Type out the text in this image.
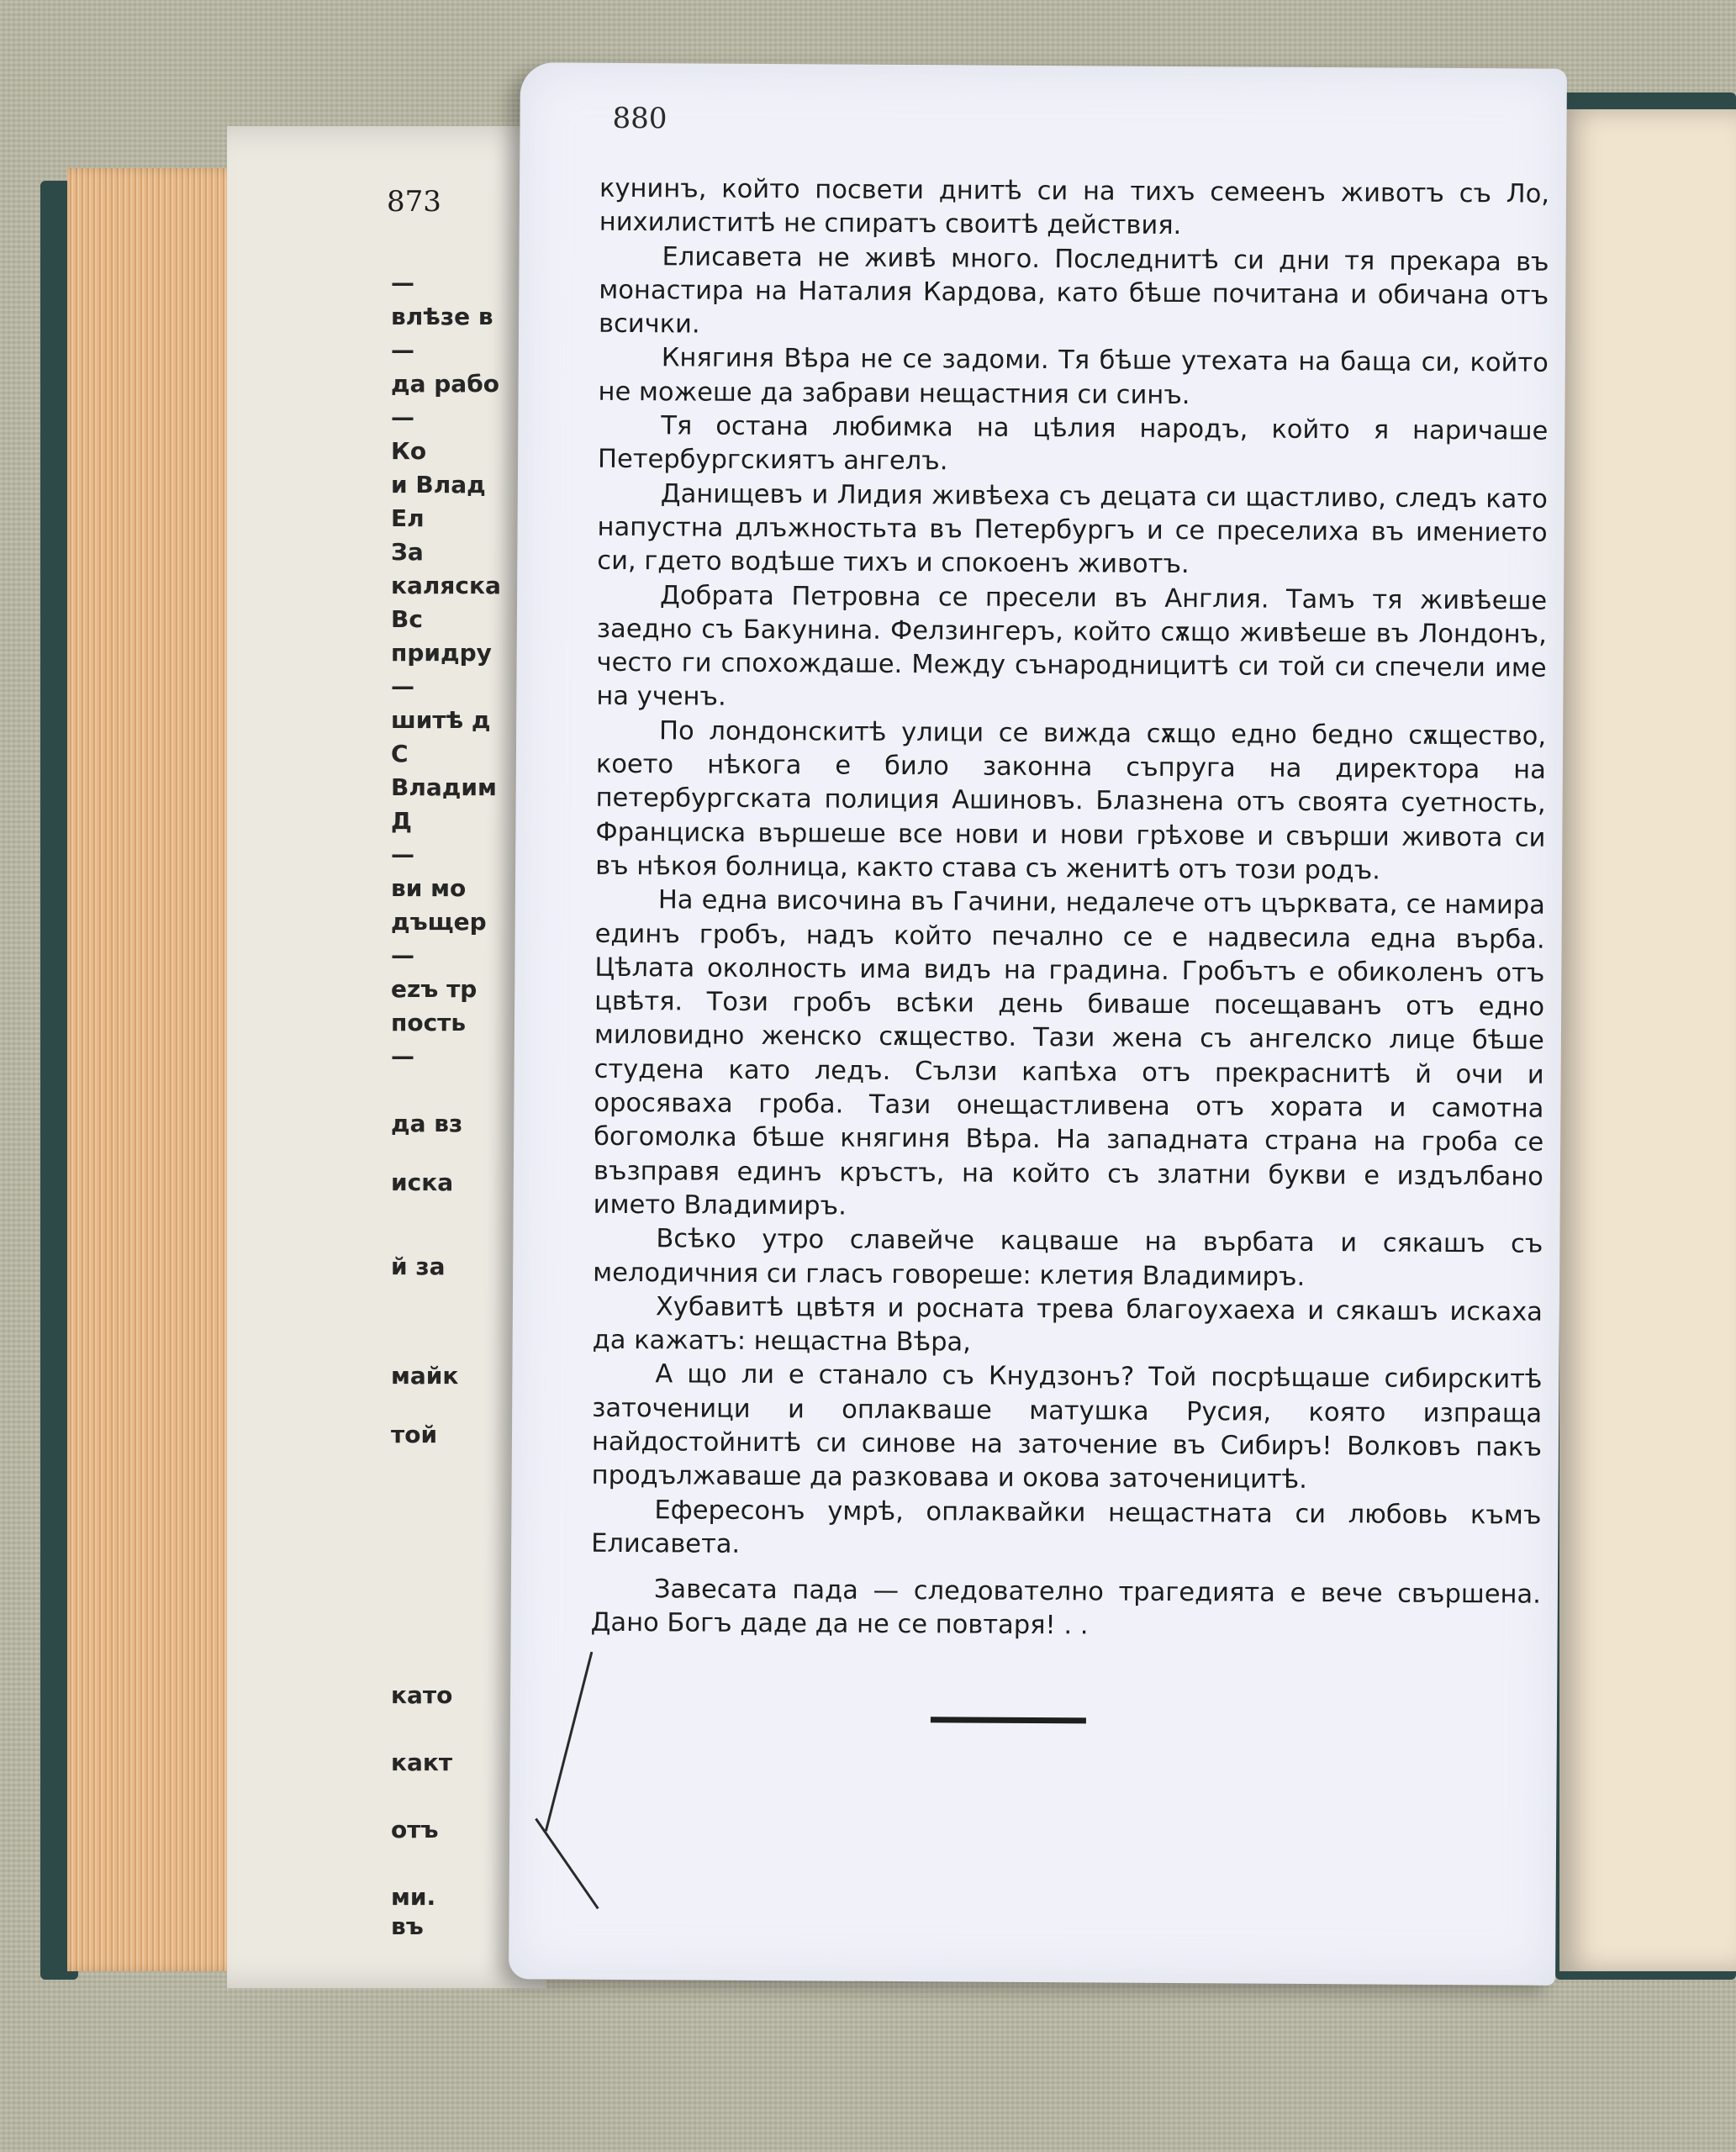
873
—
влѣзе в
—
да рабо
—
Ко
и Влад
Ел
За
каляска
Вс
придру
—
шитѣ д
С
Владим
Д
—
ви мо
дъщер
—
ezъ тр
пость
—
да вз
иска
й за
майк
той
като
какт
отъ
ми.
въ
880

кунинъ, който посвети днитѣ си на тихъ семеенъ животъ съ Ло, нихилиститѣ не спиратъ своитѣ действия.

Елисавета не живѣ много. Последнитѣ си дни тя прекара въ монастира на Наталия Кардова, като бѣше почитана и обичана отъ всички.

Княгиня Вѣра не се задоми. Тя бѣше утехата на баща си, който не можеше да забрави нещастния си синъ.

Тя остана любимка на цѣлия народъ, който я наричаше Петербургскиятъ ангелъ.

Данищевъ и Лидия живѣеха съ децата си щастливо, следъ като напустна длъжностьта въ Петербургъ и се преселиха въ имението си, гдето водѣше тихъ и спокоенъ животъ.

Добрата Петровна се пресели въ Англия. Тамъ тя живѣеше заедно съ Бакунина. Фелзингеръ, който сѫщо живѣеше въ Лондонъ, често ги спохождаше. Между сънародницитѣ си той си спечели име на ученъ.

По лондонскитѣ улици се вижда сѫщо едно бедно сѫщество, което нѣкога е било законна съпруга на директора на петербургската полиция Ашиновъ. Блазнена отъ своята суетность, Франциска вършеше все нови и нови грѣхове и свърши живота си въ нѣкоя болница, както става съ женитѣ отъ този родъ.

На една височина въ Гачини, недалече отъ църквата, се намира единъ гробъ, надъ който печално се е надвесила една върба. Цѣлата околность има видъ на градина. Гробътъ е обиколенъ отъ цвѣтя. Този гробъ всѣки день биваше посещаванъ отъ едно миловидно женско сѫщество. Тази жена съ ангелско лице бѣше студена като ледъ. Сълзи капѣха отъ прекраснитѣ й очи и оросяваха гроба. Тази онещастливена отъ хората и самотна богомолка бѣше княгиня Вѣра. На западната страна на гроба се възправя единъ кръстъ, на който съ златни букви е издълбано името Владимиръ.

Всѣко утро славейче кацваше на върбата и сякашъ съ мелодичния си гласъ говореше: клетия Владимиръ.

Хубавитѣ цвѣтя и росната трева благоухаеха и сякашъ искаха да кажатъ: нещастна Вѣра,

А що ли е станало съ Кнудзонъ? Той посрѣщаше сибирскитѣ заточеници и оплакваше матушка Русия, която изпраща найдостойнитѣ си синове на заточение въ Сибиръ! Волковъ пакъ продължаваше да разковава и окова заточеницитѣ.

Ефересонъ умрѣ, оплаквайки нещастната си любовь къмъ Елисавета.

Завесата пада — следователно трагедията е вече свършена. Дано Богъ даде да не се повтаря! . .
